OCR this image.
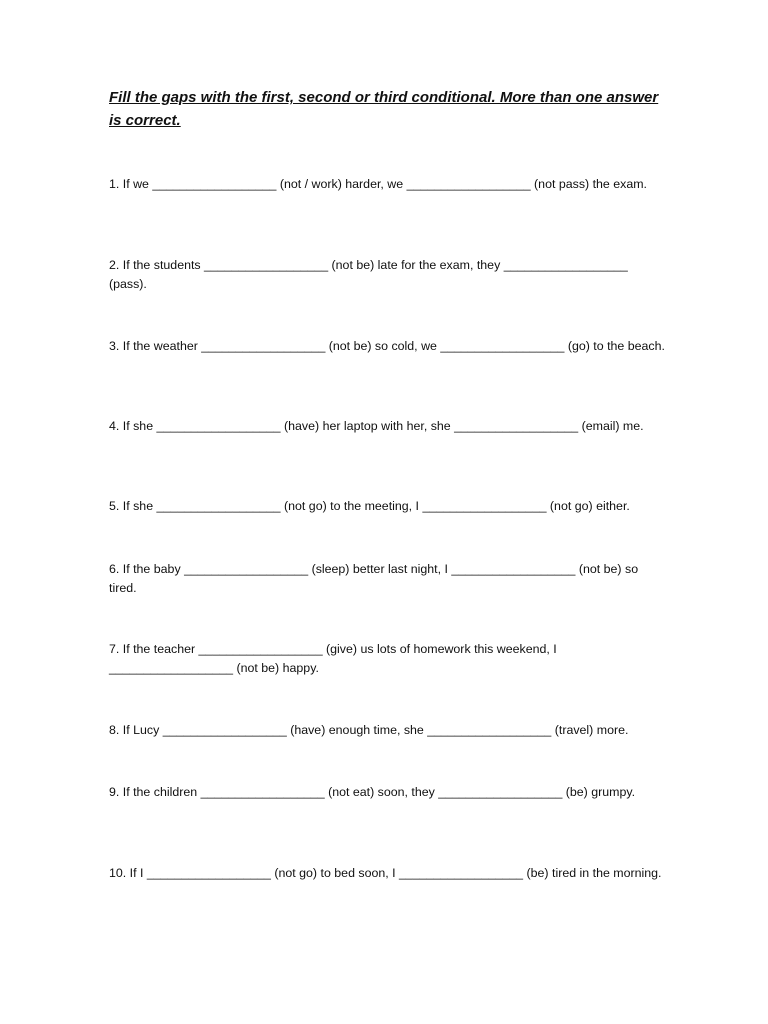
Fill the gaps with the first, second or third conditional. More than one answer is correct.

1. If we __________________ (not / work) harder, we __________________ (not pass) the exam.

2. If the students __________________ (not be) late for the exam, they __________________ (pass).

3. If the weather __________________ (not be) so cold, we __________________ (go) to the beach.

4. If she __________________ (have) her laptop with her, she __________________ (email) me.

5. If she __________________ (not go) to the meeting, I __________________ (not go) either.

6. If the baby __________________ (sleep) better last night, I __________________ (not be) so tired.

7. If the teacher __________________ (give) us lots of homework this weekend, I __________________ (not be) happy.

8. If Lucy __________________ (have) enough time, she __________________ (travel) more.

9. If the children __________________ (not eat) soon, they __________________ (be) grumpy.

10. If I __________________ (not go) to bed soon, I __________________ (be) tired in the morning.
